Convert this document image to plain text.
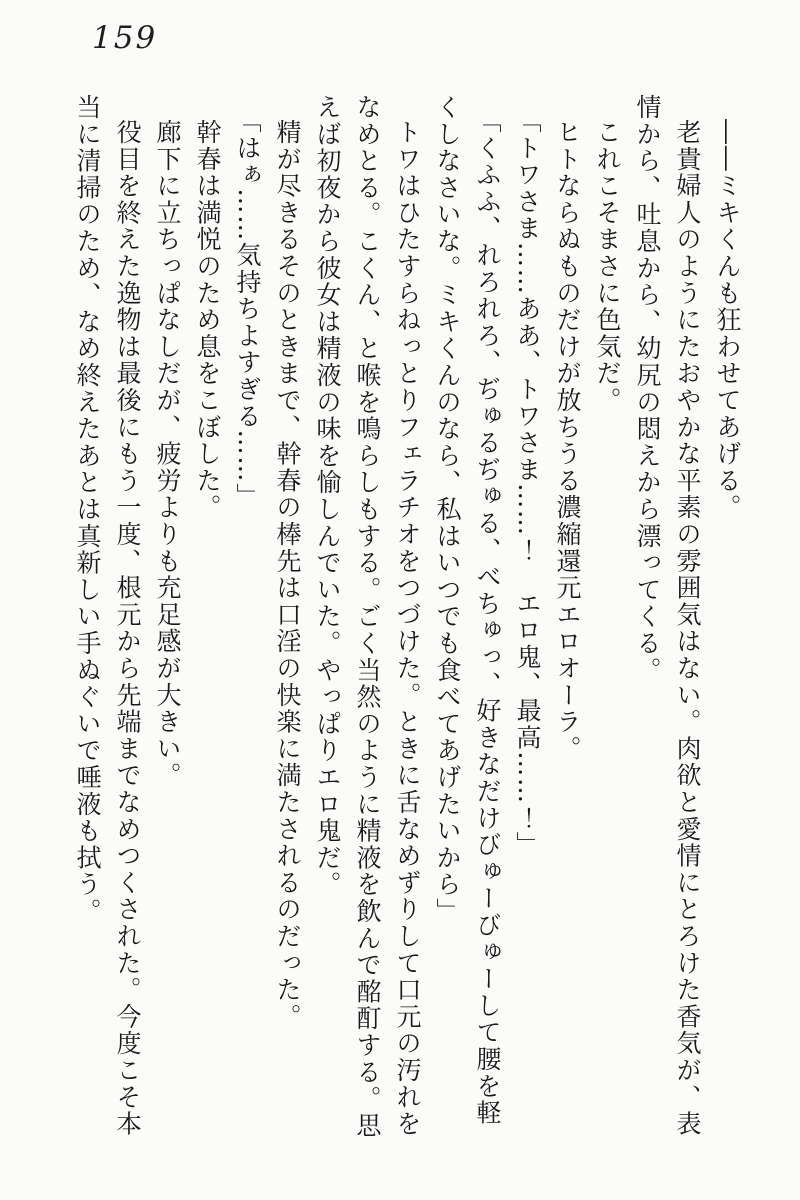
159

――ミキくんも狂わせてあげる。

老貴婦人のようにたおやかな平素の雰囲気はない。肉欲と愛情にとろけた香気が、表情から、吐息から、幼尻の悶えから漂ってくる。

これこそまさに色気だ。

ヒトならぬものだけが放ちうる濃縮還元エロオーラ。

「トワさま……ああ、トワさま……！　エロ鬼、最高……！」

「くふふ、れろれろ、ぢゅるぢゅる、べちゅっ、好きなだけびゅーびゅーして腰を軽くしなさいな。ミキくんのなら、私はいつでも食べてあげたいから」

トワはひたすらねっとりフェラチオをつづけた。ときに舌なめずりして口元の汚れをなめとる。こくん、と喉を鳴らしもする。ごく当然のように精液を飲んで酩酊する。思えば初夜から彼女は精液の味を愉しんでいた。やっぱりエロ鬼だ。

精が尽きるそのときまで、幹春の棒先は口淫の快楽に満たされるのだった。

「はぁ……気持ちよすぎる……」

幹春は満悦のため息をこぼした。

廊下に立ちっぱなしだが、疲労よりも充足感が大きい。

役目を終えた逸物は最後にもう一度、根元から先端までなめつくされた。今度こそ本当に清掃のため、なめ終えたあとは真新しい手ぬぐいで唾液も拭う。
